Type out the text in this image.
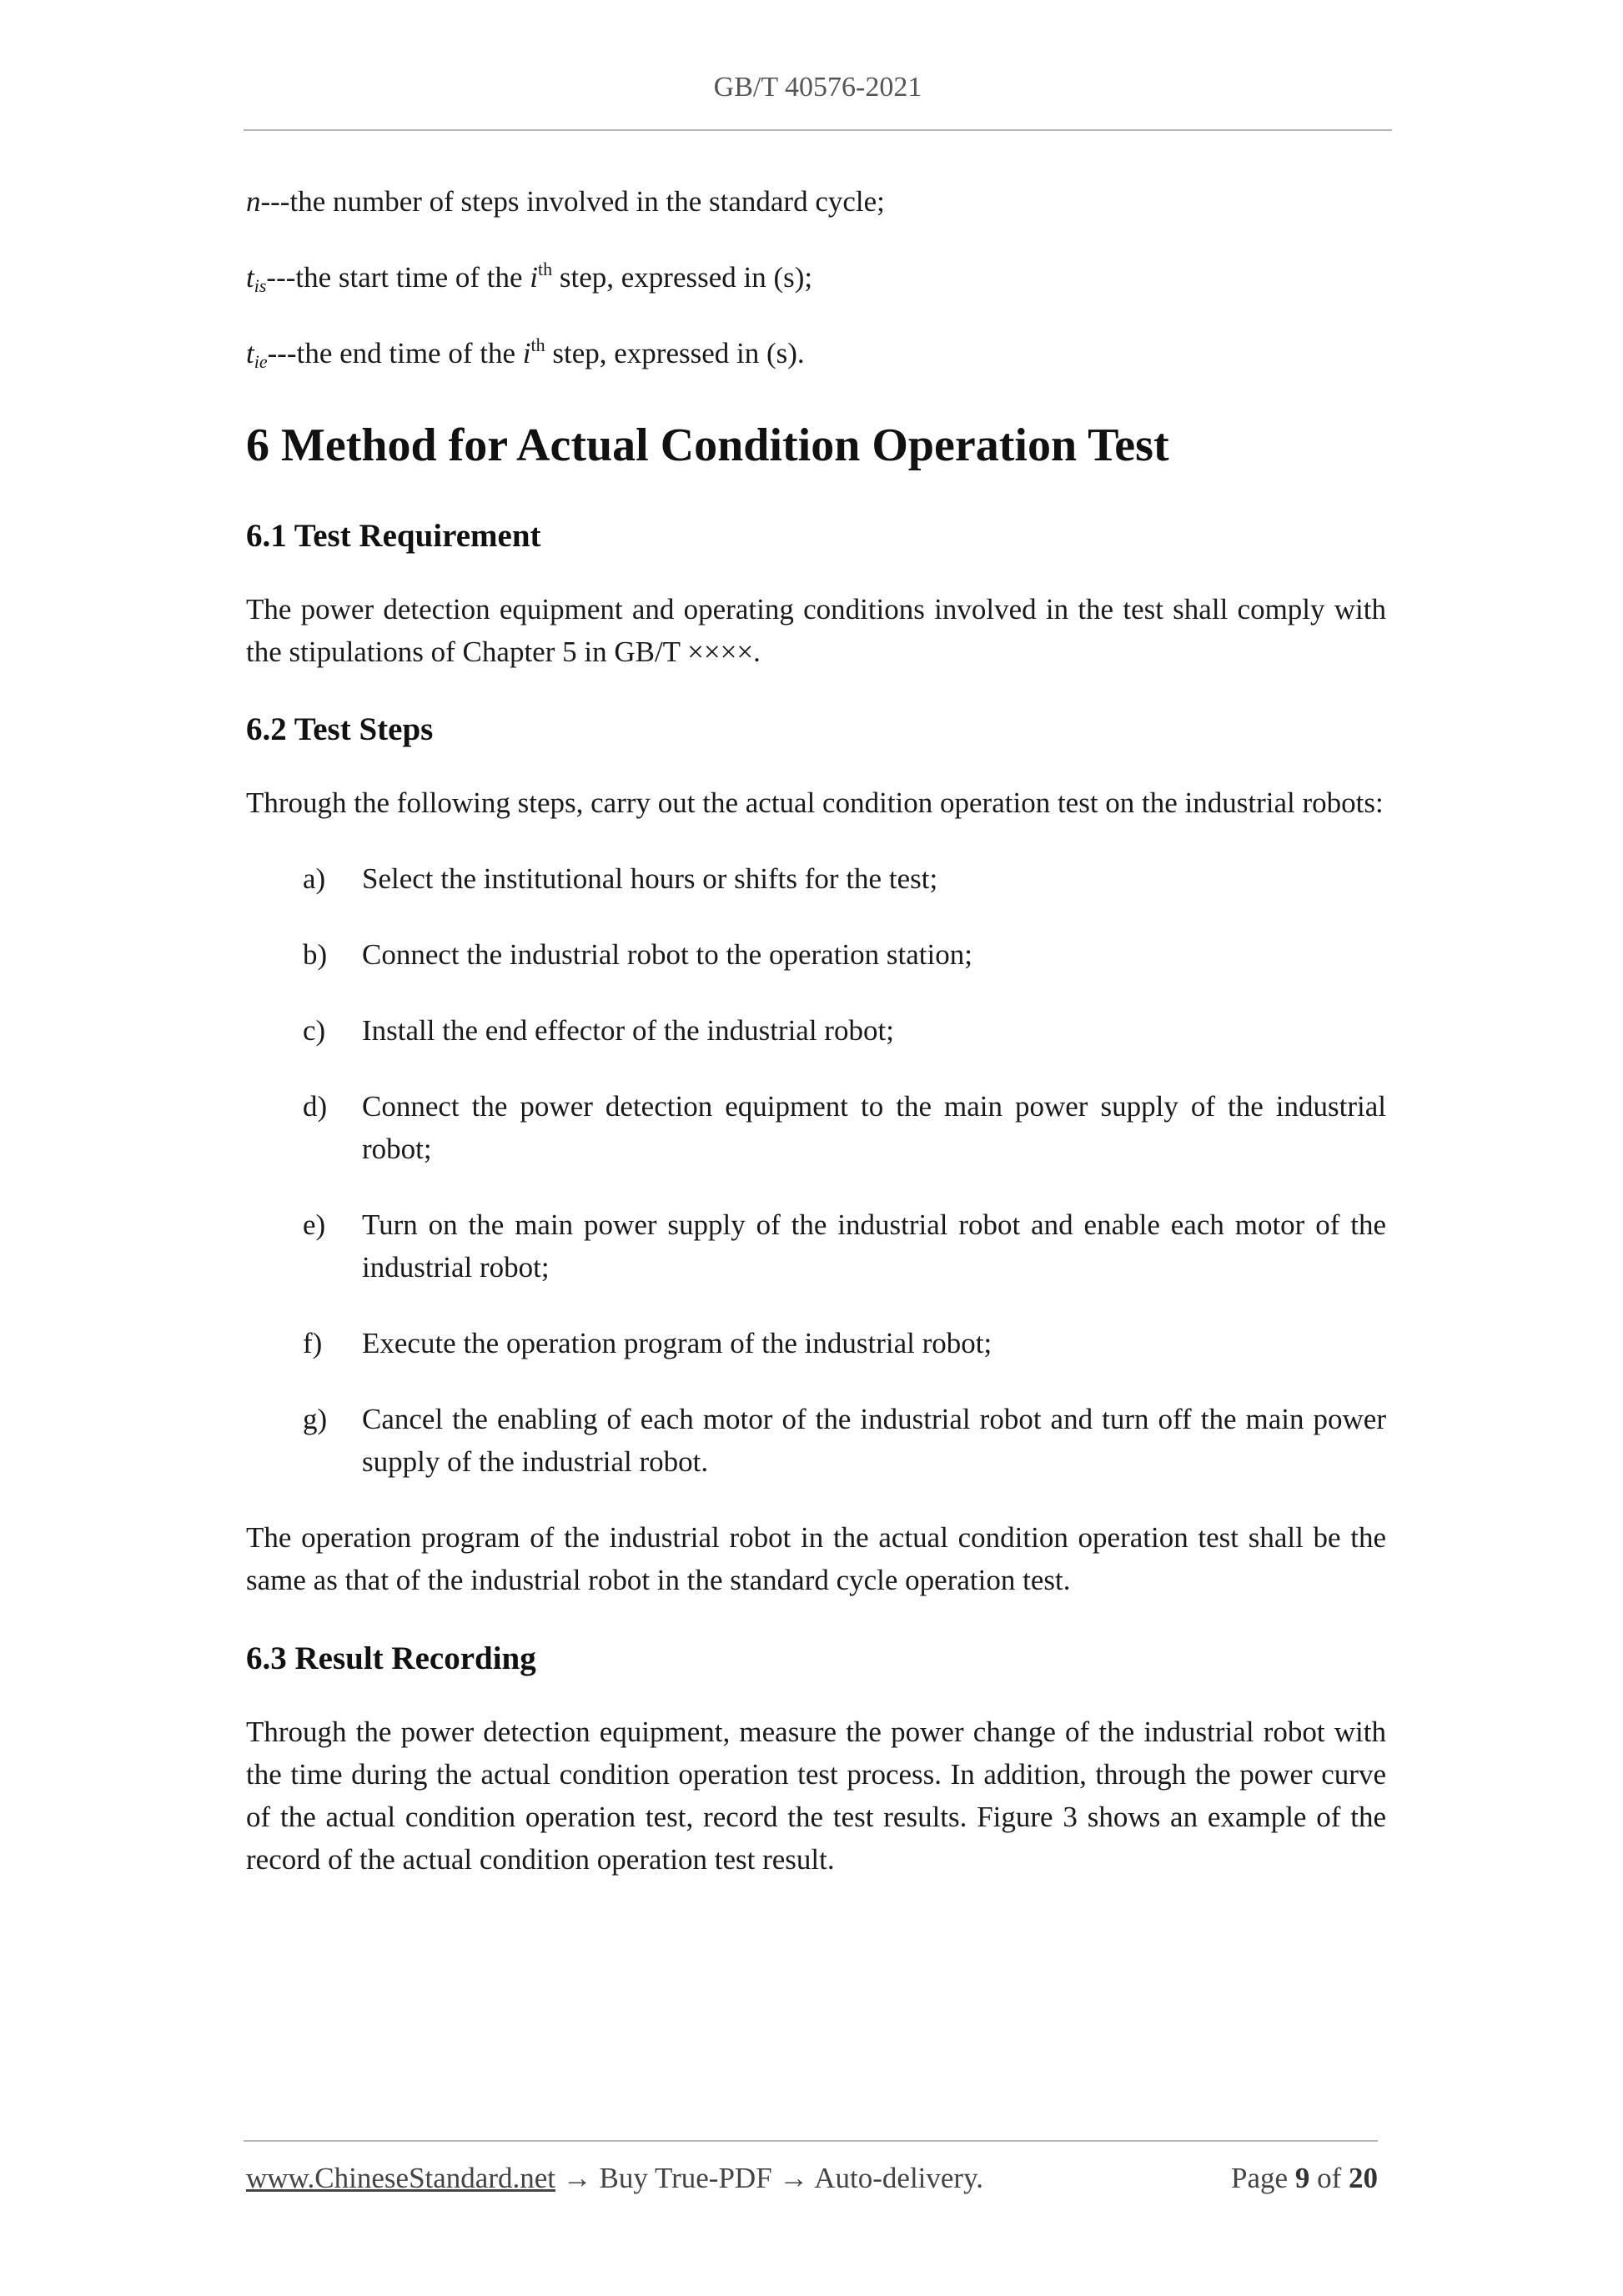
GB/T 40576-2021

n---the number of steps involved in the standard cycle;

$t_{is}--$-the start time of the $i^{th}$ step, expressed in (s);

$t_{ie}--$-the end time of the $i^{th}$ step, expressed in (s).

6 Method for Actual Condition Operation Test
6.1 Test Requirement

The power detection equipment and operating conditions involved in the test shall comply with the stipulations of Chapter 5 in GB/T ××××.

6.2 Test Steps

Through the following steps, carry out the actual condition operation test on the industrial robots:

a) Select the institutional hours or shifts for the test;
b) Connect the industrial robot to the operation station;
c) Install the end effector of the industrial robot;
d) Connect the power detection equipment to the main power supply of the industrial robot;
e) Turn on the main power supply of the industrial robot and enable each motor of the industrial robot;
f) Execute the operation program of the industrial robot;
g) Cancel the enabling of each motor of the industrial robot and turn off the main power supply of the industrial robot.

The operation program of the industrial robot in the actual condition operation test shall be the same as that of the industrial robot in the standard cycle operation test.

6.3 Result Recording

Through the power detection equipment, measure the power change of the industrial robot with the time during the actual condition operation test process. In addition, through the power curve of the actual condition operation test, record the test results. Figure 3 shows an example of the record of the actual condition operation test result.

www.ChineseStandard.net → Buy True-PDF → Auto-delivery.	Page 9 of 20
